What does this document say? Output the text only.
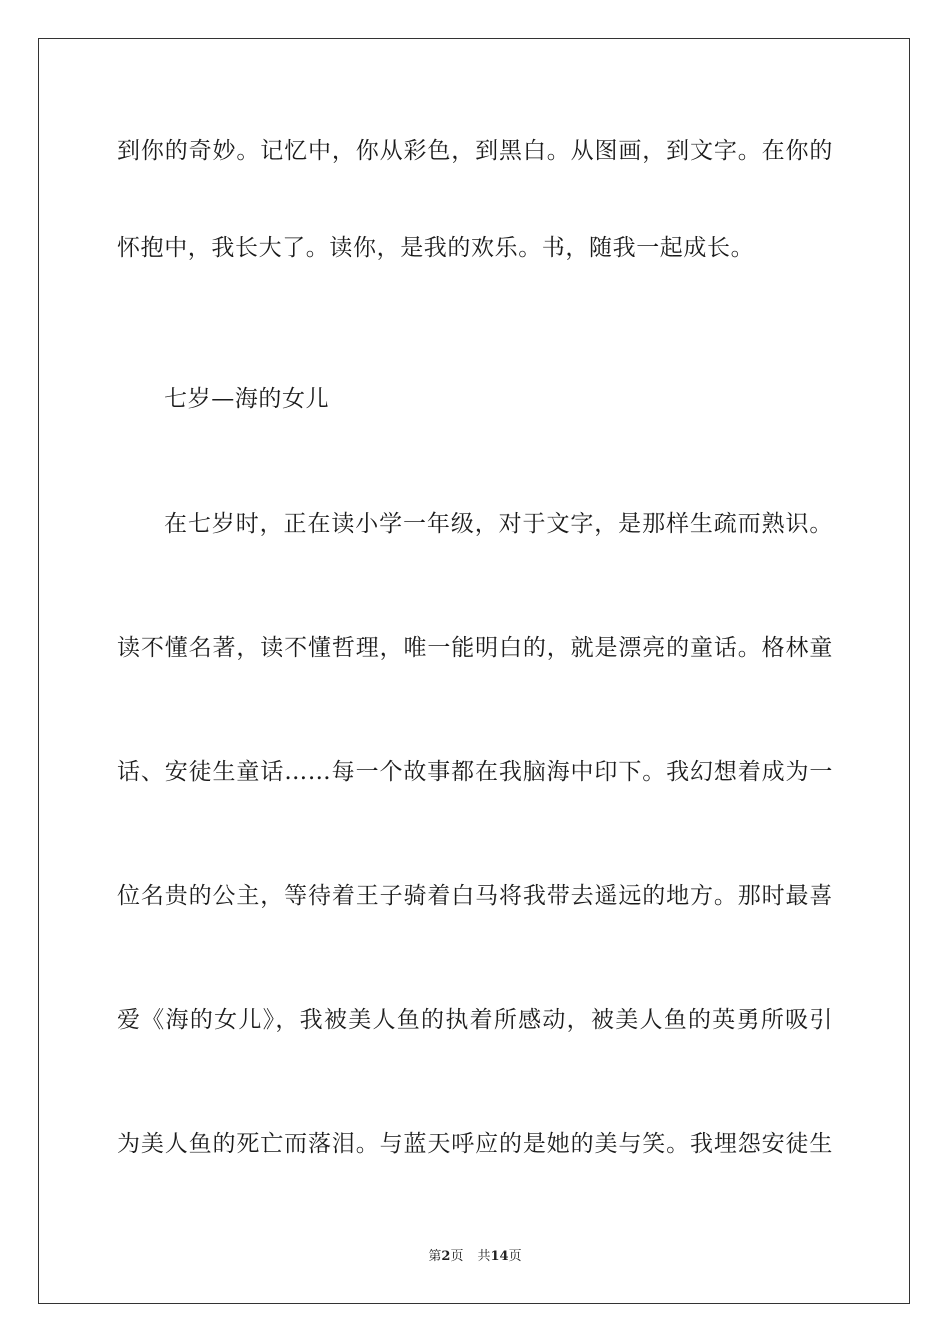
到你的奇妙。记忆中，你从彩色，到黑白。从图画，到文字。在你的
怀抱中，我长大了。读你，是我的欢乐。书，随我一起成长。
七岁—海的女儿
在七岁时，正在读小学一年级，对于文字，是那样生疏而熟识。
读不懂名著，读不懂哲理，唯一能明白的，就是漂亮的童话。格林童
话、安徒生童话……每一个故事都在我脑海中印下。我幻想着成为一
位名贵的公主，等待着王子骑着白马将我带去遥远的地方。那时最喜
爱《海的女儿》，我被美人鱼的执着所感动，被美人鱼的英勇所吸引
为美人鱼的死亡而落泪。与蓝天呼应的是她的美与笑。我埋怨安徒生
第2页 共14页
